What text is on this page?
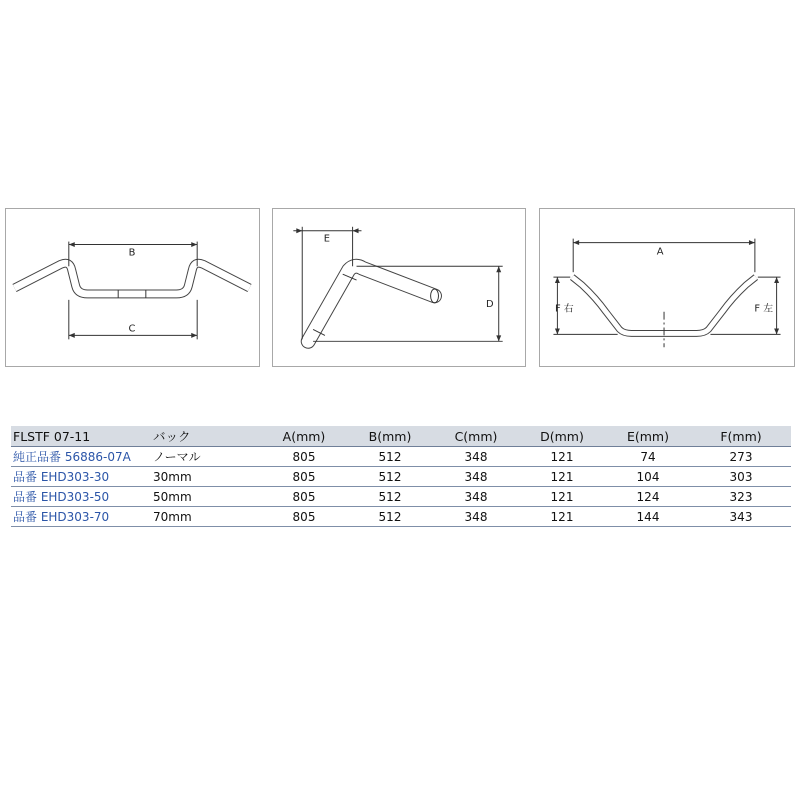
B
C
E
D
A
F 右	F 左
FLSTF 07-11	バック	A(mm)	B(mm)	C(mm)	D(mm)	E(mm)	F(mm)
純正品番 56886-07A	ノーマル	805	512	348	121	74	273
品番 EHD303-30	30mm	805	512	348	121	104	303
品番 EHD303-50	50mm	805	512	348	121	124	323
品番 EHD303-70	70mm	805	512	348	121	144	343
